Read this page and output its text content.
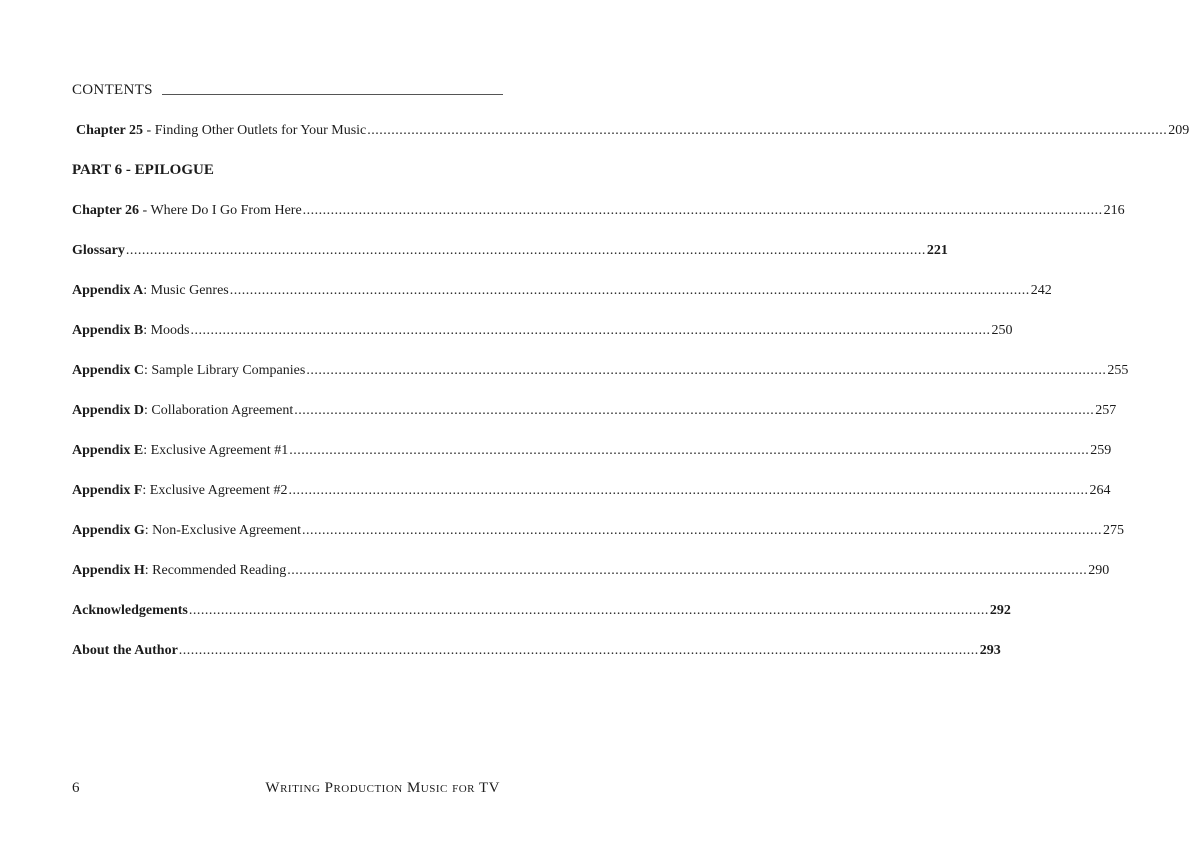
CONTENTS
Chapter 25 - Finding Other Outlets for Your Music ........................................................................................................................................................................................................ 209
PART 6 - EPILOGUE
Chapter 26 - Where Do I Go From Here ........................................................................................................................................................................................................ 216
Glossary ........................................................................................................................................................................................................ 221
Appendix A: Music Genres ........................................................................................................................................................................................................ 242
Appendix B: Moods ........................................................................................................................................................................................................ 250
Appendix C: Sample Library Companies ........................................................................................................................................................................................................ 255
Appendix D: Collaboration Agreement ........................................................................................................................................................................................................ 257
Appendix E: Exclusive Agreement #1 ........................................................................................................................................................................................................ 259
Appendix F: Exclusive Agreement #2 ........................................................................................................................................................................................................ 264
Appendix G: Non-Exclusive Agreement ........................................................................................................................................................................................................ 275
Appendix H: Recommended Reading ........................................................................................................................................................................................................ 290
Acknowledgements ........................................................................................................................................................................................................ 292
About the Author ........................................................................................................................................................................................................ 293
6	Writing Production Music for TV
